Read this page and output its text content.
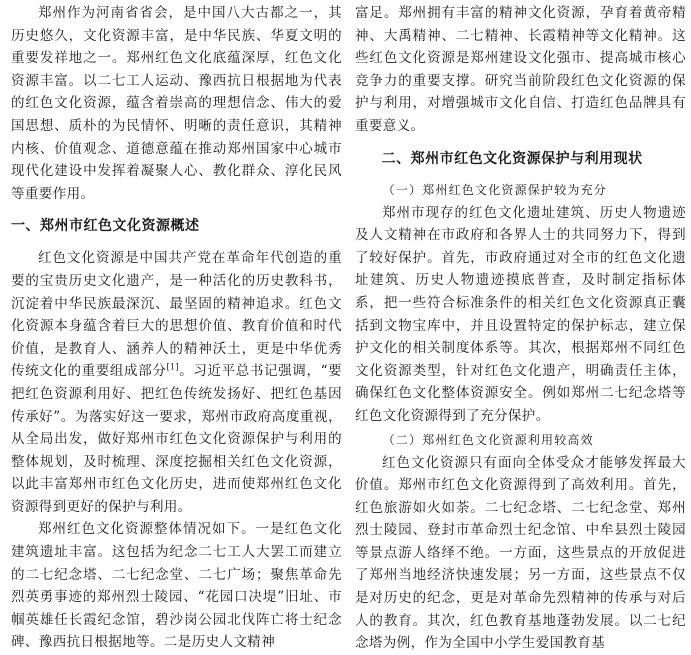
郑州作为河南省省会，是中国八大古都之一，其历史悠久，文化资源丰富，是中华民族、华夏文明的重要发祥地之一。郑州红色文化底蕴深厚，红色文化资源丰富。以二七工人运动、豫西抗日根据地为代表的红色文化资源，蕴含着崇高的理想信念、伟大的爱国思想、质朴的为民情怀、明晰的责任意识，其精神内核、价值观念、道德意蕴在推动郑州国家中心城市现代化建设中发挥着凝聚人心、教化群众、淳化民风等重要作用。

一、郑州市红色文化资源概述

红色文化资源是中国共产党在革命年代创造的重要的宝贵历史文化遗产，是一种活化的历史教科书，沉淀着中华民族最深沉、最坚固的精神追求。红色文化资源本身蕴含着巨大的思想价值、教育价值和时代价值，是教育人、涵养人的精神沃土，更是中华优秀传统文化的重要组成部分[1]。习近平总书记强调，“要把红色资源利用好、把红色传统发扬好、把红色基因传承好”。为落实好这一要求，郑州市政府高度重视，从全局出发，做好郑州市红色文化资源保护与利用的整体规划，及时梳理、深度挖掘相关红色文化资源，以此丰富郑州市红色文化历史，进而使郑州红色文化资源得到更好的保护与利用。

郑州红色文化资源整体情况如下。一是红色文化建筑遗址丰富。这包括为纪念二七工人大罢工而建立的二七纪念塔、二七纪念堂、二七广场；聚焦革命先烈英勇事迹的郑州烈士陵园、“花园口决堤”旧址、市帼英雄任长霞纪念馆，碧沙岗公园北伐阵亡将士纪念碑、豫西抗日根据地等。二是历史人文精神

富足。郑州拥有丰富的精神文化资源，孕育着黄帝精神、大禹精神、二七精神、长霞精神等文化精神。这些红色文化资源是郑州建设文化强市、提高城市核心竞争力的重要支撑。研究当前阶段红色文化资源的保护与利用，对增强城市文化自信、打造红色品牌具有重要意义。

二、郑州市红色文化资源保护与利用现状
（一）郑州红色文化资源保护较为充分

郑州市现存的红色文化遗址建筑、历史人物遗迹及人文精神在市政府和各界人士的共同努力下，得到了较好保护。首先，市政府通过对全市的红色文化遗址建筑、历史人物遗迹摸底普查，及时制定指标体系，把一些符合标准条件的相关红色文化资源真正囊括到文物宝库中，并且设置特定的保护标志，建立保护文化的相关制度体系等。其次，根据郑州不同红色文化资源类型，针对红色文化遗产，明确责任主体，确保红色文化整体资源安全。例如郑州二七纪念塔等红色文化资源得到了充分保护。

（二）郑州红色文化资源利用较高效

红色文化资源只有面向全体受众才能够发挥最大价值。郑州市红色文化资源得到了高效利用。首先，红色旅游如火如荼。二七纪念塔、二七纪念堂、郑州烈士陵园、登封市革命烈士纪念馆、中牟县烈士陵园等景点游人络绎不绝。一方面，这些景点的开放促进了郑州当地经济快速发展；另一方面，这些景点不仅是对历史的纪念，更是对革命先烈精神的传承与对后人的教育。其次，红色教育基地蓬勃发展。以二七纪念塔为例，作为全国中小学生爱国教育基
